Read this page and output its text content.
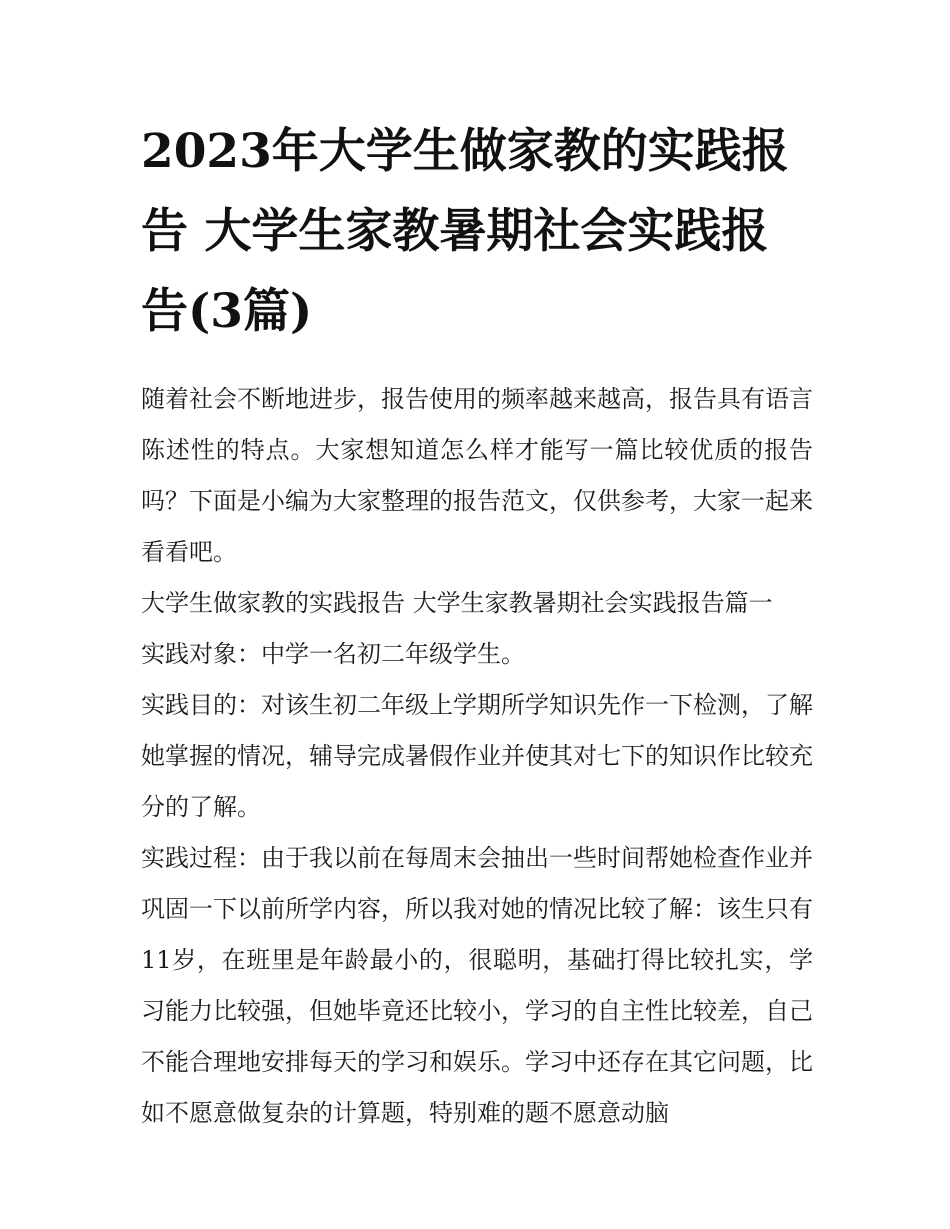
2023年大学生做家教的实践报告 大学生家教暑期社会实践报告(3篇)

随着社会不断地进步，报告使用的频率越来越高，报告具有语言陈述性的特点。大家想知道怎么样才能写一篇比较优质的报告吗？下面是小编为大家整理的报告范文，仅供参考，大家一起来看看吧。

大学生做家教的实践报告 大学生家教暑期社会实践报告篇一

实践对象：中学一名初二年级学生。

实践目的：对该生初二年级上学期所学知识先作一下检测，了解她掌握的情况，辅导完成暑假作业并使其对七下的知识作比较充分的了解。

实践过程：由于我以前在每周末会抽出一些时间帮她检查作业并巩固一下以前所学内容，所以我对她的情况比较了解：该生只有11岁，在班里是年龄最小的，很聪明，基础打得比较扎实，学习能力比较强，但她毕竟还比较小，学习的自主性比较差，自己不能合理地安排每天的学习和娱乐。学习中还存在其它问题，比如不愿意做复杂的计算题，特别难的题不愿意动脑
